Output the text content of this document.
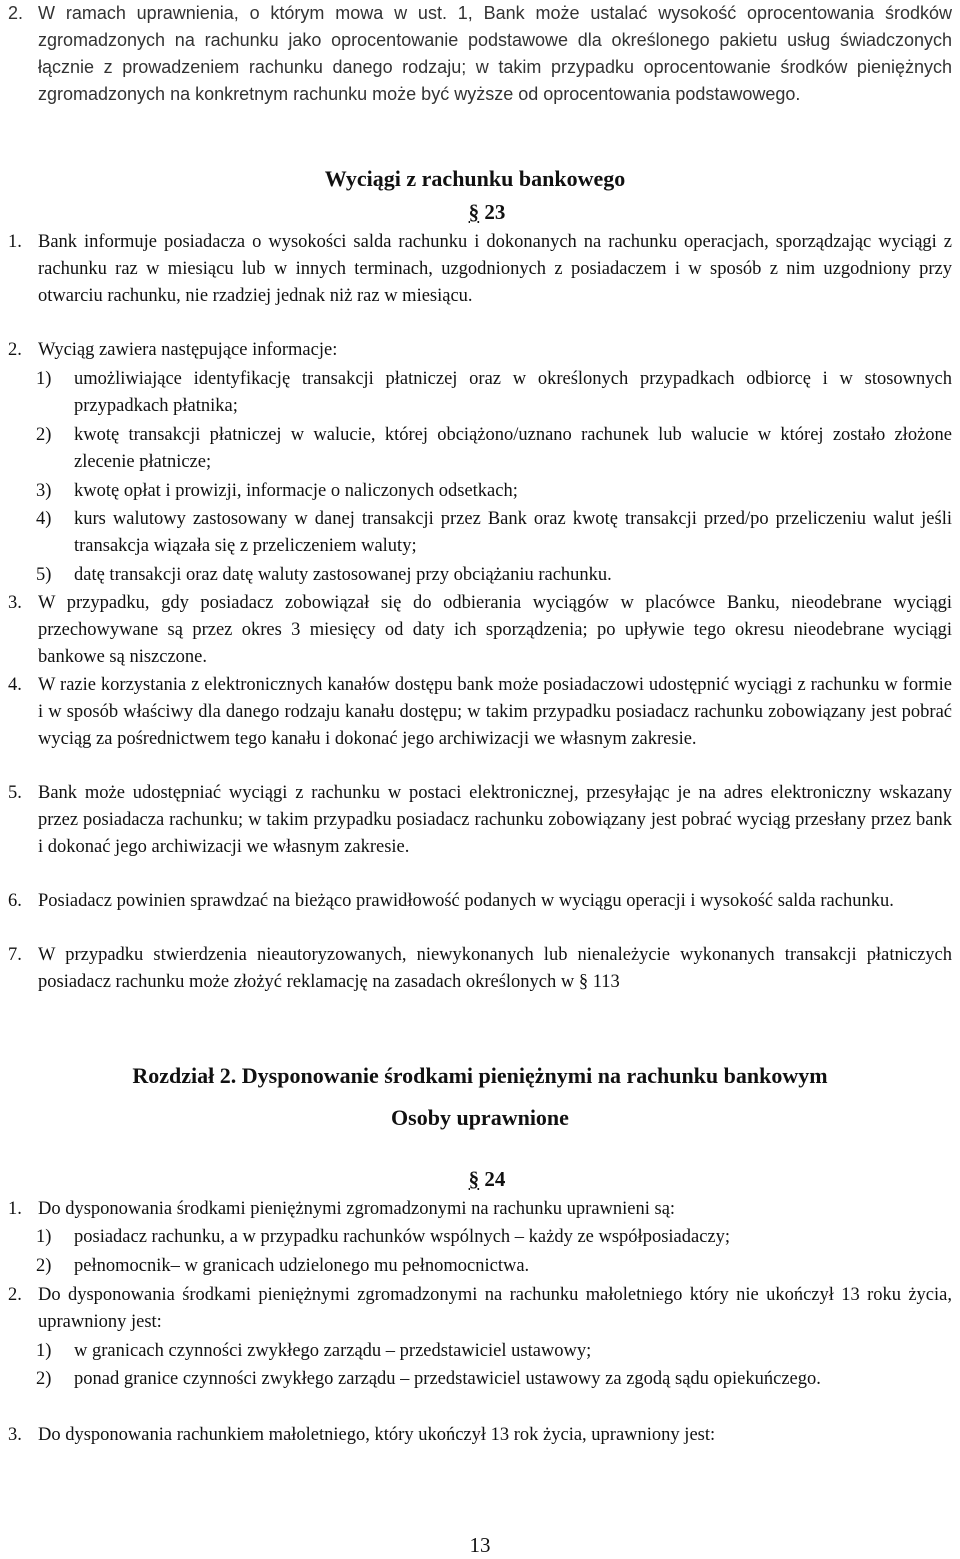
2. W ramach uprawnienia, o którym mowa w ust. 1, Bank może ustalać wysokość oprocentowania środków zgromadzonych na rachunku jako oprocentowanie podstawowe dla określonego pakietu usług świadczonych łącznie z prowadzeniem rachunku danego rodzaju; w takim przypadku oprocentowanie środków pieniężnych zgromadzonych na konkretnym rachunku może być wyższe od oprocentowania podstawowego.
Wyciągi z rachunku bankowego
§ 23
1. Bank informuje posiadacza o wysokości salda rachunku i dokonanych na rachunku operacjach, sporządzając wyciągi z rachunku raz w miesiącu lub w innych terminach, uzgodnionych z posiadaczem i w sposób z nim uzgodniony przy otwarciu rachunku, nie rzadziej jednak niż raz w miesiącu.
2. Wyciąg zawiera następujące informacje:
1) umożliwiające identyfikację transakcji płatniczej oraz w określonych przypadkach odbiorcę i w stosownych przypadkach płatnika;
2) kwotę transakcji płatniczej w walucie, której obciążono/uznano rachunek lub walucie w której zostało złożone zlecenie płatnicze;
3) kwotę opłat i prowizji, informacje o naliczonych odsetkach;
4) kurs walutowy zastosowany w danej transakcji przez Bank oraz kwotę transakcji przed/po przeliczeniu walut jeśli transakcja wiązała się z przeliczeniem waluty;
5) datę transakcji oraz datę waluty zastosowanej przy obciążaniu rachunku.
3. W przypadku, gdy posiadacz zobowiązał się do odbierania wyciągów w placówce Banku, nieodebrane wyciągi przechowywane są przez okres 3 miesięcy od daty ich sporządzenia; po upływie tego okresu nieodebrane wyciągi bankowe są niszczone.
4. W razie korzystania z elektronicznych kanałów dostępu bank może posiadaczowi udostępnić wyciągi z rachunku w formie i w sposób właściwy dla danego rodzaju kanału dostępu; w takim przypadku posiadacz rachunku zobowiązany jest pobrać wyciąg za pośrednictwem tego kanału i dokonać jego archiwizacji we własnym zakresie.
5. Bank może udostępniać wyciągi z rachunku w postaci elektronicznej, przesyłając je na adres elektroniczny wskazany przez posiadacza rachunku; w takim przypadku posiadacz rachunku zobowiązany jest pobrać wyciąg przesłany przez bank i dokonać jego archiwizacji we własnym zakresie.
6. Posiadacz powinien sprawdzać na bieżąco prawidłowość podanych w wyciągu operacji i wysokość salda rachunku.
7. W przypadku stwierdzenia nieautoryzowanych, niewykonanych lub nienależycie wykonanych transakcji płatniczych posiadacz rachunku może złożyć reklamację na zasadach określonych w § 113
Rozdział 2. Dysponowanie środkami pieniężnymi na rachunku bankowym
Osoby uprawnione
§ 24
1. Do dysponowania środkami pieniężnymi zgromadzonymi na rachunku uprawnieni są:
1) posiadacz rachunku, a w przypadku rachunków wspólnych – każdy ze współposiadaczy;
2) pełnomocnik– w granicach udzielonego mu pełnomocnictwa.
2. Do dysponowania środkami pieniężnymi zgromadzonymi na rachunku małoletniego który nie ukończył 13 roku życia, uprawniony jest:
1) w granicach czynności zwykłego zarządu – przedstawiciel ustawowy;
2) ponad granice czynności zwykłego zarządu – przedstawiciel ustawowy za zgodą sądu opiekuńczego.
3. Do dysponowania rachunkiem małoletniego, który ukończył 13 rok życia, uprawniony jest:
13
